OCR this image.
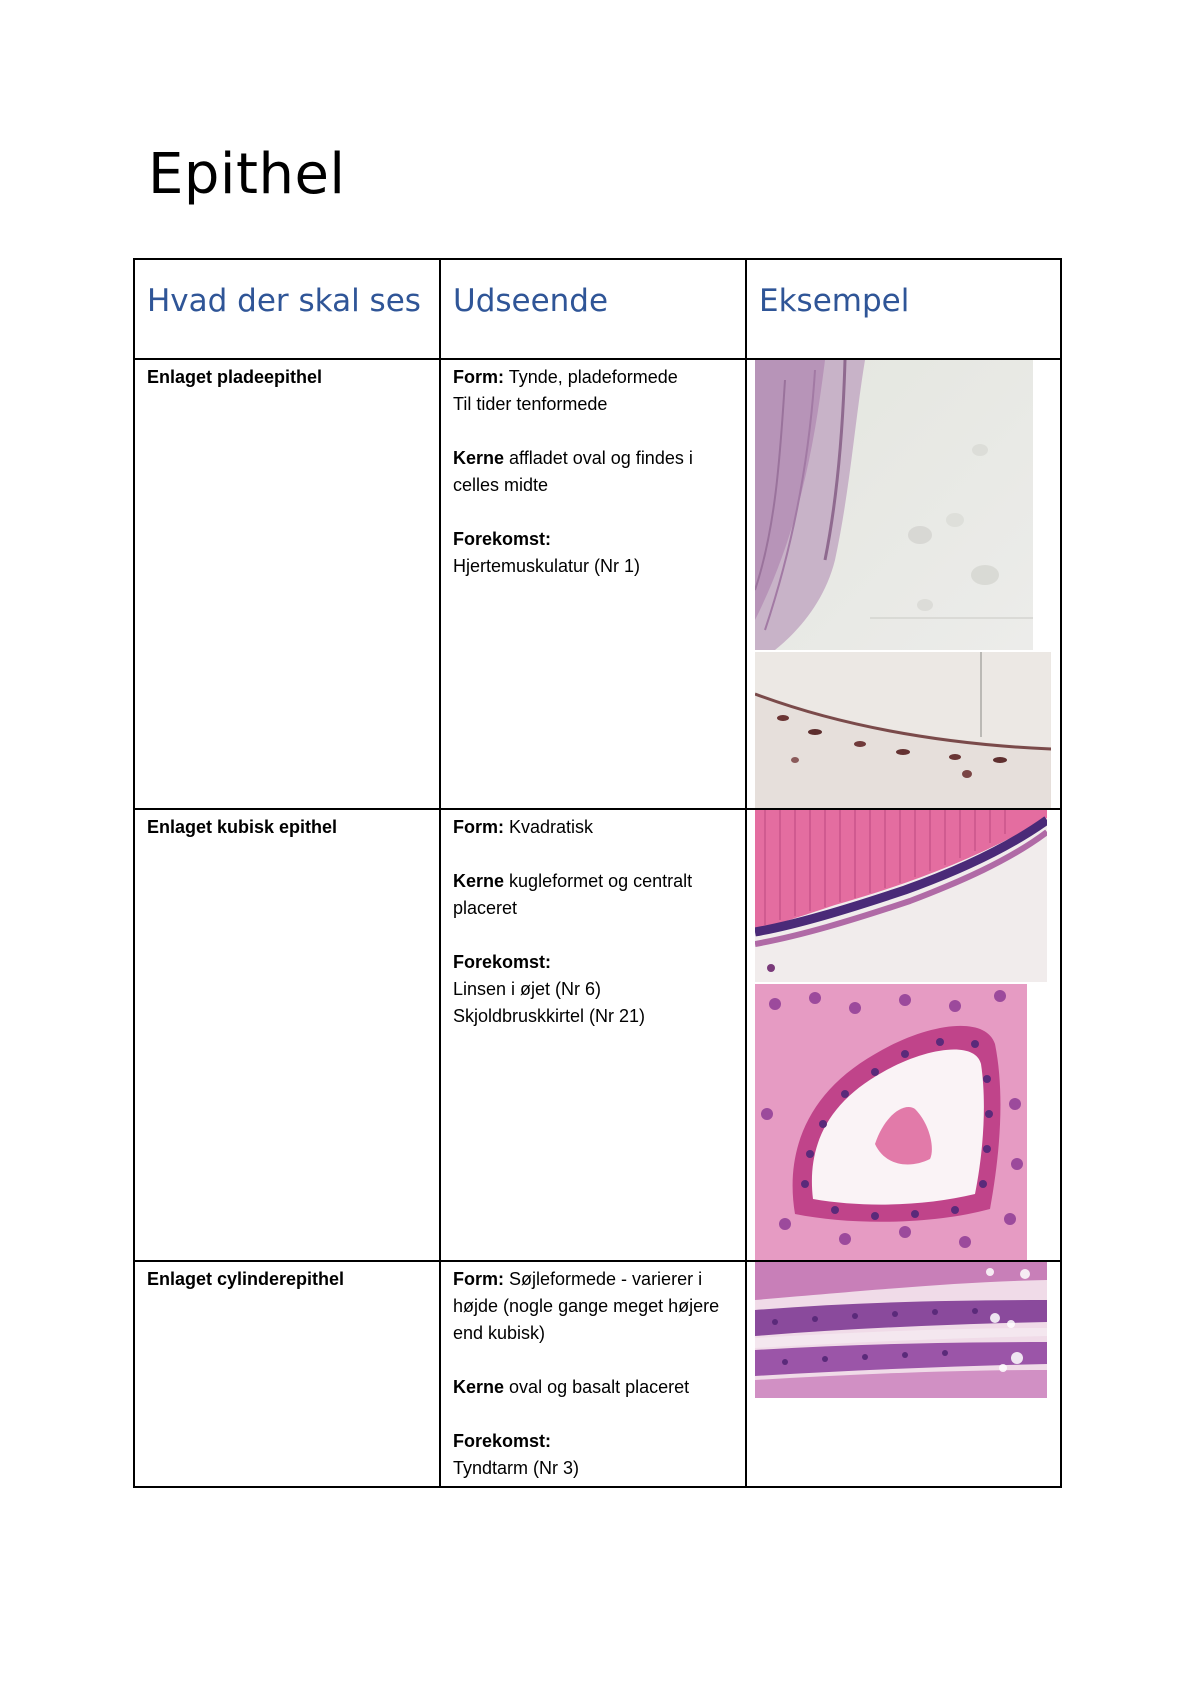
Epithel
Hvad der skal ses	Udseende	Eksempel

Enlaget pladeepithel	Form: Tynde, pladeformede
Til tider tenformede

Kerne affladet oval og findes i celles midte

Forekomst:
Hjertemuskulatur (Nr 1)

Enlaget kubisk epithel	Form: Kvadratisk

Kerne kugleformet og centralt placeret

Forekomst:
Linsen i øjet (Nr 6)
Skjoldbruskkirtel (Nr 21)

Enlaget cylinderepithel	Form: Søjleformede - varierer i højde (nogle gange meget højere end kubisk)

Kerne oval og basalt placeret

Forekomst:
Tyndtarm (Nr 3)
